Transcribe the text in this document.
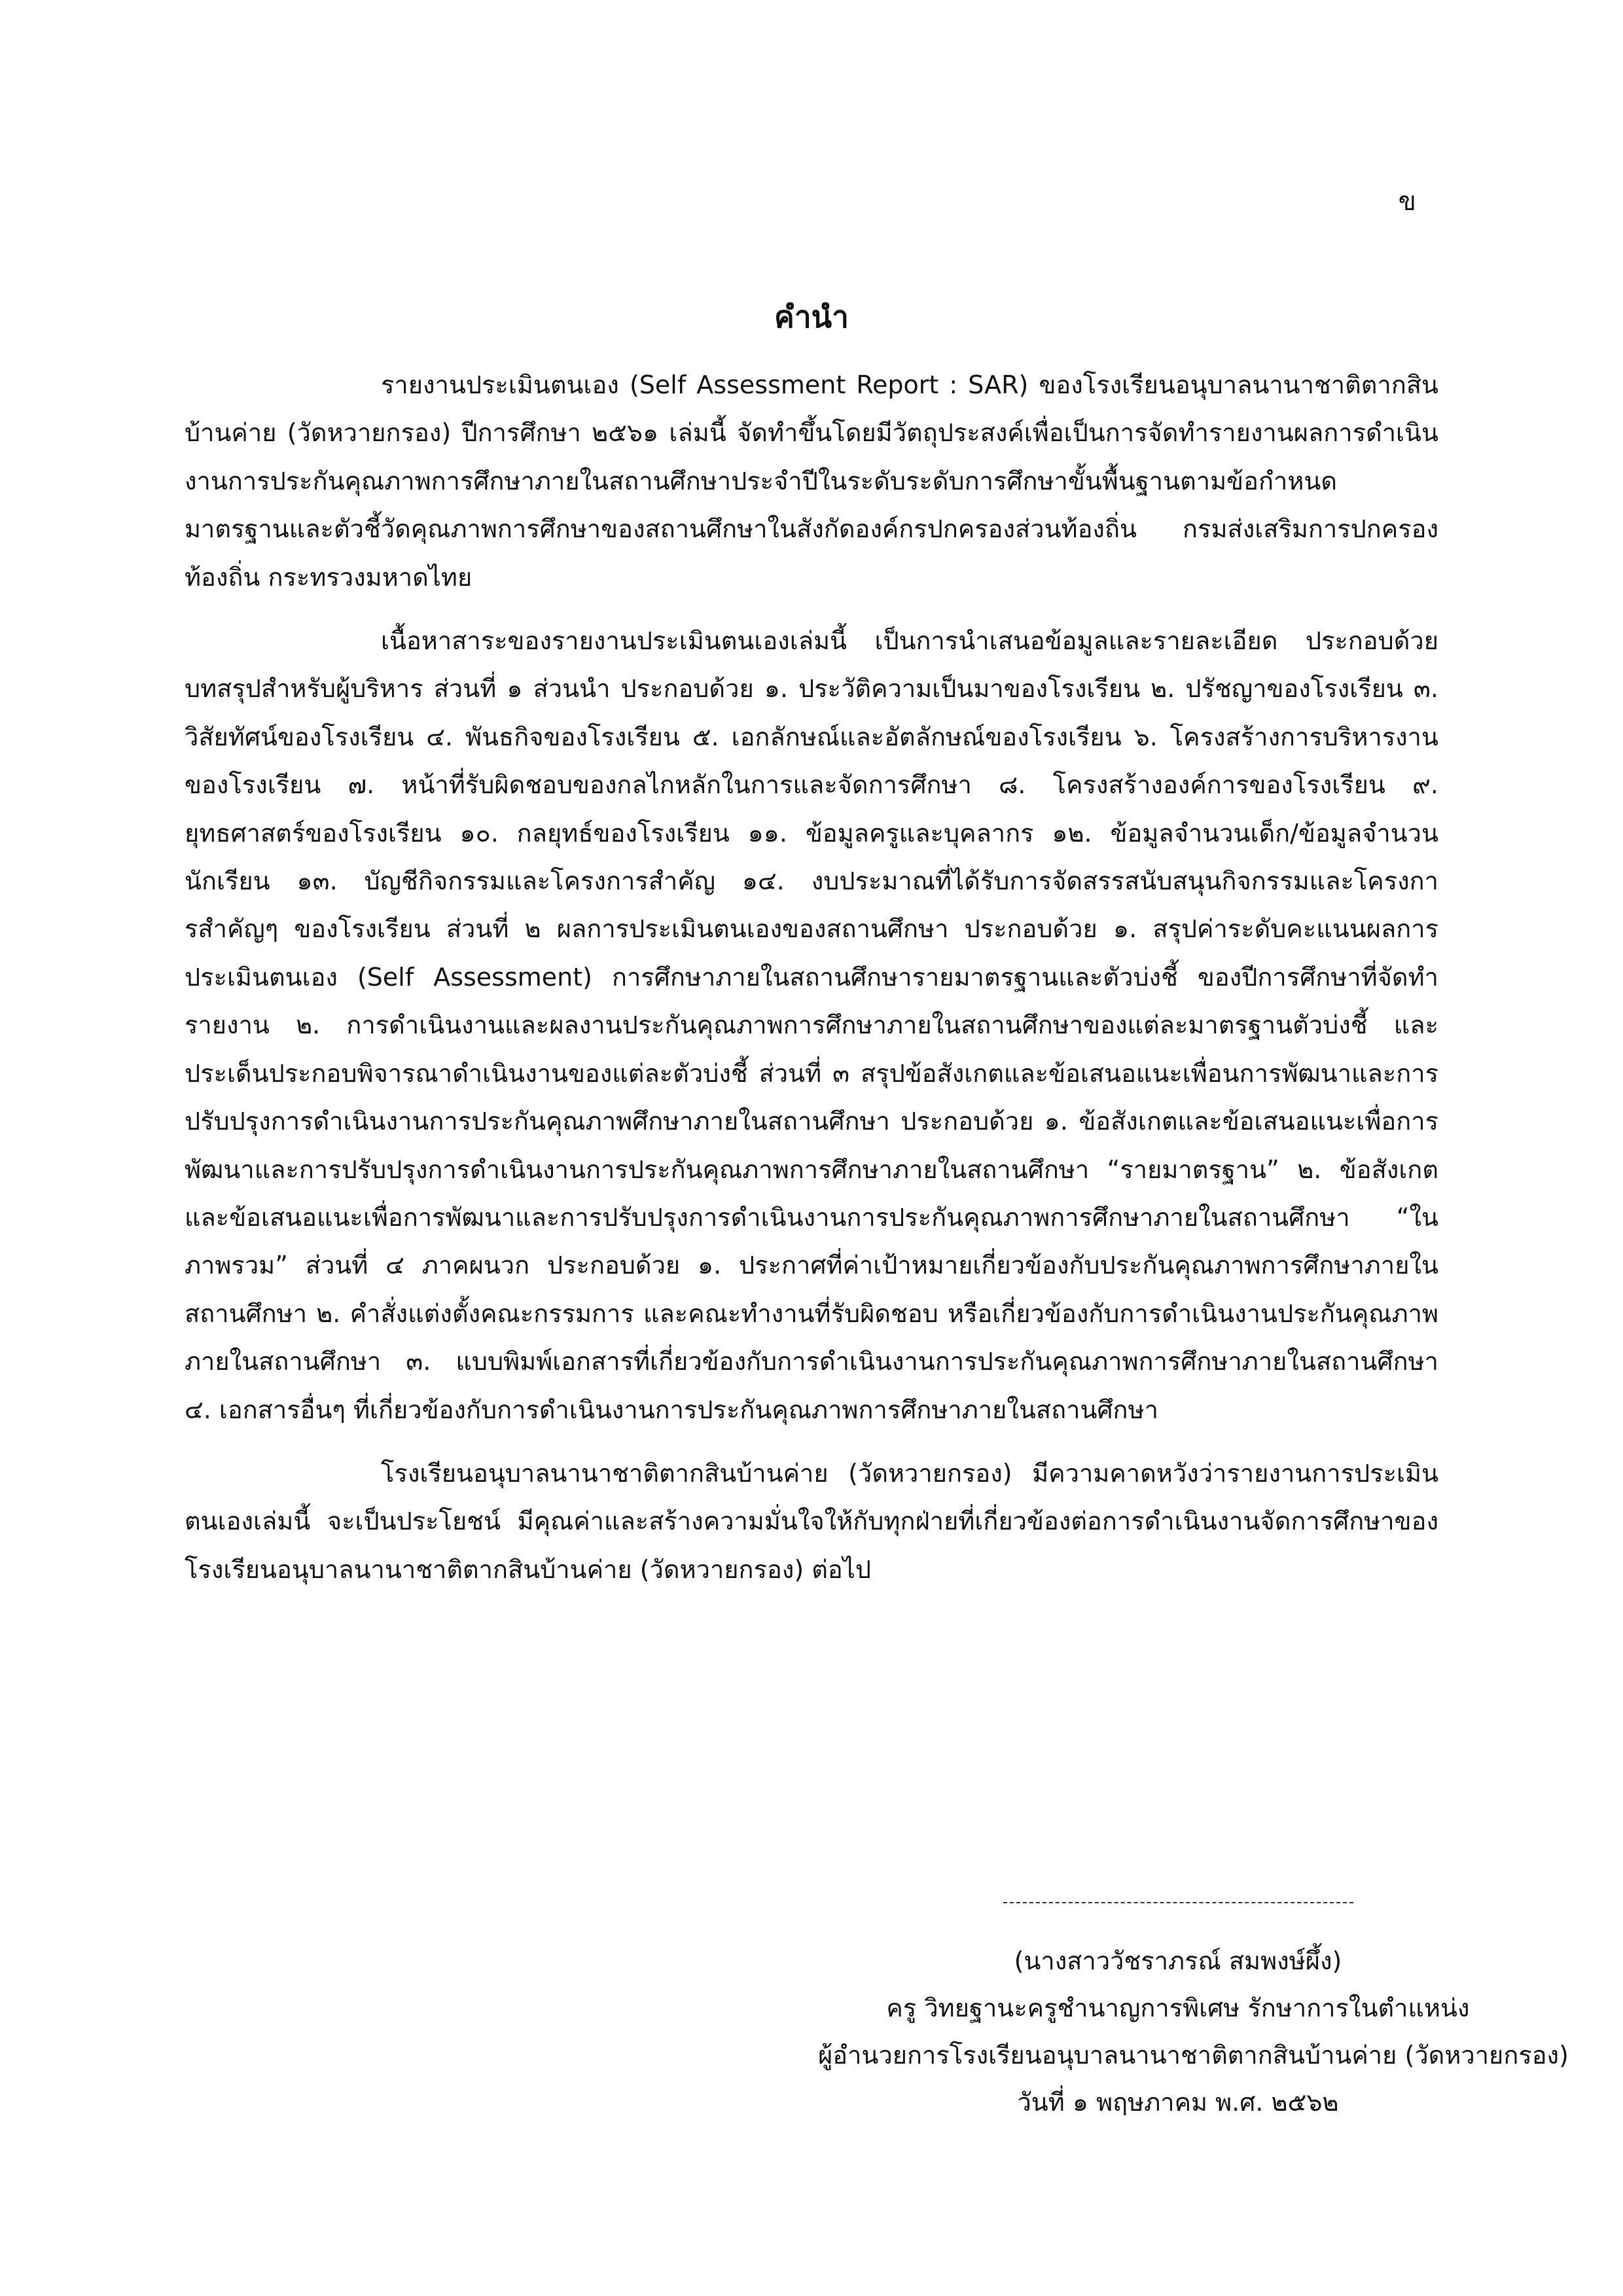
ข
คำนำ

รายงานประเมินตนเอง (Self Assessment Report : SAR) ของโรงเรียนอนุบาลนานาชาติตากสินบ้านค่าย (วัดหวายกรอง) ปีการศึกษา ๒๕๖๑ เล่มนี้ จัดทำขึ้นโดยมีวัตถุประสงค์เพื่อเป็นการจัดทำรายงานผลการดำเนินงานการประกันคุณภาพการศึกษาภายในสถานศึกษาประจำปีในระดับระดับการศึกษาขั้นพื้นฐานตามข้อกำหนดมาตรฐานและตัวชี้วัดคุณภาพการศึกษาของสถานศึกษาในสังกัดองค์กรปกครองส่วนท้องถิ่น กรมส่งเสริมการปกครองท้องถิ่น กระทรวงมหาดไทย

เนื้อหาสาระของรายงานประเมินตนเองเล่มนี้ เป็นการนำเสนอข้อมูลและรายละเอียด ประกอบด้วย บทสรุปสำหรับผู้บริหาร ส่วนที่ ๑ ส่วนนำ ประกอบด้วย ๑. ประวัติความเป็นมาของโรงเรียน ๒. ปรัชญาของโรงเรียน ๓. วิสัยทัศน์ของโรงเรียน ๔. พันธกิจของโรงเรียน ๕. เอกลักษณ์และอัตลักษณ์ของโรงเรียน ๖. โครงสร้างการบริหารงานของโรงเรียน ๗. หน้าที่รับผิดชอบของกลไกหลักในการและจัดการศึกษา ๘. โครงสร้างองค์การของโรงเรียน ๙. ยุทธศาสตร์ของโรงเรียน ๑๐. กลยุทธ์ของโรงเรียน ๑๑. ข้อมูลครูและบุคลากร ๑๒. ข้อมูลจำนวนเด็ก/ข้อมูลจำนวนนักเรียน ๑๓. บัญชีกิจกรรมและโครงการสำคัญ ๑๔. งบประมาณที่ได้รับการจัดสรรสนับสนุนกิจกรรมและโครงการสำคัญๆ ของโรงเรียน ส่วนที่ ๒ ผลการประเมินตนเองของสถานศึกษา ประกอบด้วย ๑. สรุปค่าระดับคะแนนผลการประเมินตนเอง (Self Assessment) การศึกษาภายในสถานศึกษารายมาตรฐานและตัวบ่งชี้ ของปีการศึกษาที่จัดทำรายงาน ๒. การดำเนินงานและผลงานประกันคุณภาพการศึกษาภายในสถานศึกษาของแต่ละมาตรฐานตัวบ่งชี้ และประเด็นประกอบพิจารณาดำเนินงานของแต่ละตัวบ่งชี้ ส่วนที่ ๓ สรุปข้อสังเกตและข้อเสนอแนะเพื่อนการพัฒนาและการปรับปรุงการดำเนินงานการประกันคุณภาพศึกษาภายในสถานศึกษา ประกอบด้วย ๑. ข้อสังเกตและข้อเสนอแนะเพื่อการพัฒนาและการปรับปรุงการดำเนินงานการประกันคุณภาพการศึกษาภายในสถานศึกษา “รายมาตรฐาน” ๒. ข้อสังเกตและข้อเสนอแนะเพื่อการพัฒนาและการปรับปรุงการดำเนินงานการประกันคุณภาพการศึกษาภายในสถานศึกษา “ในภาพรวม” ส่วนที่ ๔ ภาคผนวก ประกอบด้วย ๑. ประกาศที่ค่าเป้าหมายเกี่ยวข้องกับประกันคุณภาพการศึกษาภายในสถานศึกษา ๒. คำสั่งแต่งตั้งคณะกรรมการ และคณะทำงานที่รับผิดชอบ หรือเกี่ยวข้องกับการดำเนินงานประกันคุณภาพภายในสถานศึกษา ๓. แบบพิมพ์เอกสารที่เกี่ยวข้องกับการดำเนินงานการประกันคุณภาพการศึกษาภายในสถานศึกษา ๔. เอกสารอื่นๆ ที่เกี่ยวข้องกับการดำเนินงานการประกันคุณภาพการศึกษาภายในสถานศึกษา

โรงเรียนอนุบาลนานาชาติตากสินบ้านค่าย (วัดหวายกรอง) มีความคาดหวังว่ารายงานการประเมินตนเองเล่มนี้ จะเป็นประโยชน์ มีคุณค่าและสร้างความมั่นใจให้กับทุกฝ่ายที่เกี่ยวข้องต่อการดำเนินงานจัดการศึกษาของโรงเรียนอนุบาลนานาชาติตากสินบ้านค่าย (วัดหวายกรอง) ต่อไป

(นางสาววัชราภรณ์ สมพงษ์ผึ้ง)
ครู วิทยฐานะครูชำนาญการพิเศษ รักษาการในตำแหน่ง
ผู้อำนวยการโรงเรียนอนุบาลนานาชาติตากสินบ้านค่าย (วัดหวายกรอง)
วันที่ ๑ พฤษภาคม พ.ศ. ๒๕๖๒
